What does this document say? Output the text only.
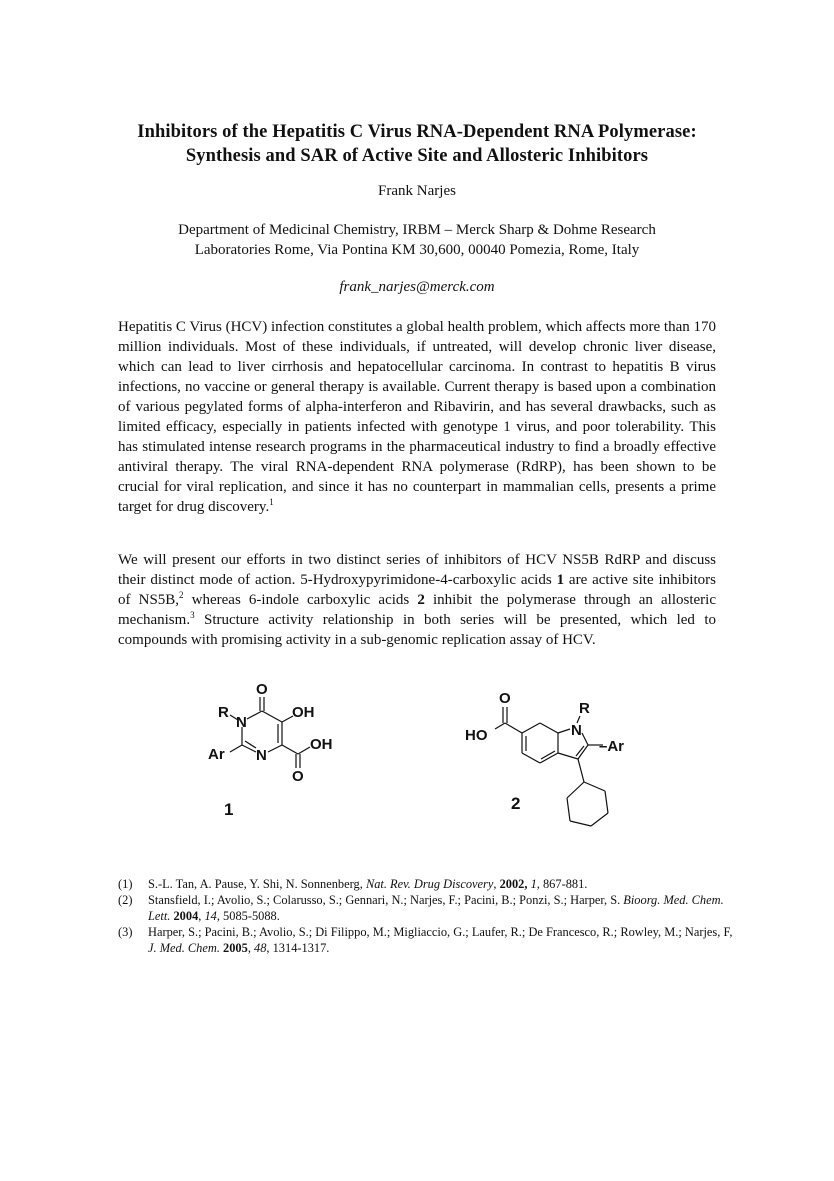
Inhibitors of the Hepatitis C Virus RNA-Dependent RNA Polymerase:
Synthesis and SAR of Active Site and Allosteric Inhibitors
Frank Narjes
Department of Medicinal Chemistry, IRBM – Merck Sharp & Dohme Research
Laboratories Rome, Via Pontina KM 30,600, 00040 Pomezia, Rome, Italy
frank_narjes@merck.com
Hepatitis C Virus (HCV) infection constitutes a global health problem, which affects more than 170 million individuals. Most of these individuals, if untreated, will develop chronic liver disease, which can lead to liver cirrhosis and hepatocellular carcinoma. In contrast to hepatitis B virus infections, no vaccine or general therapy is available. Current therapy is based upon a combination of various pegylated forms of alpha-interferon and Ribavirin, and has several drawbacks, such as limited efficacy, especially in patients infected with genotype 1 virus, and poor tolerability. This has stimulated intense research programs in the pharmaceutical industry to find a broadly effective antiviral therapy. The viral RNA-dependent RNA polymerase (RdRP), has been shown to be crucial for viral replication, and since it has no counterpart in mammalian cells, presents a prime target for drug discovery.$^1$
We will present our efforts in two distinct series of inhibitors of HCV NS5B RdRP and discuss their distinct mode of action. 5-Hydroxypyrimidone-4-carboxylic acids 1 are active site inhibitors of NS5B,$^2$ whereas 6-indole carboxylic acids 2 inhibit the polymerase through an allosteric mechanism.$^3$ Structure activity relationship in both series will be presented, which led to compounds with promising activity in a sub-genomic replication assay of HCV.
O
R
N
OH
Ar N
OH
O
1
O
HO
R
N
–Ar
2
(1) S.-L. Tan, A. Pause, Y. Shi, N. Sonnenberg, Nat. Rev. Drug Discovery, 2002, 1, 867-881.
(2) Stansfield, I.; Avolio, S.; Colarusso, S.; Gennari, N.; Narjes, F.; Pacini, B.; Ponzi, S.; Harper, S. Bioorg. Med. Chem. Lett. 2004, 14, 5085-5088.
(3) Harper, S.; Pacini, B.; Avolio, S.; Di Filippo, M.; Migliaccio, G.; Laufer, R.; De Francesco, R.; Rowley, M.; Narjes, F, J. Med. Chem. 2005, 48, 1314-1317.
